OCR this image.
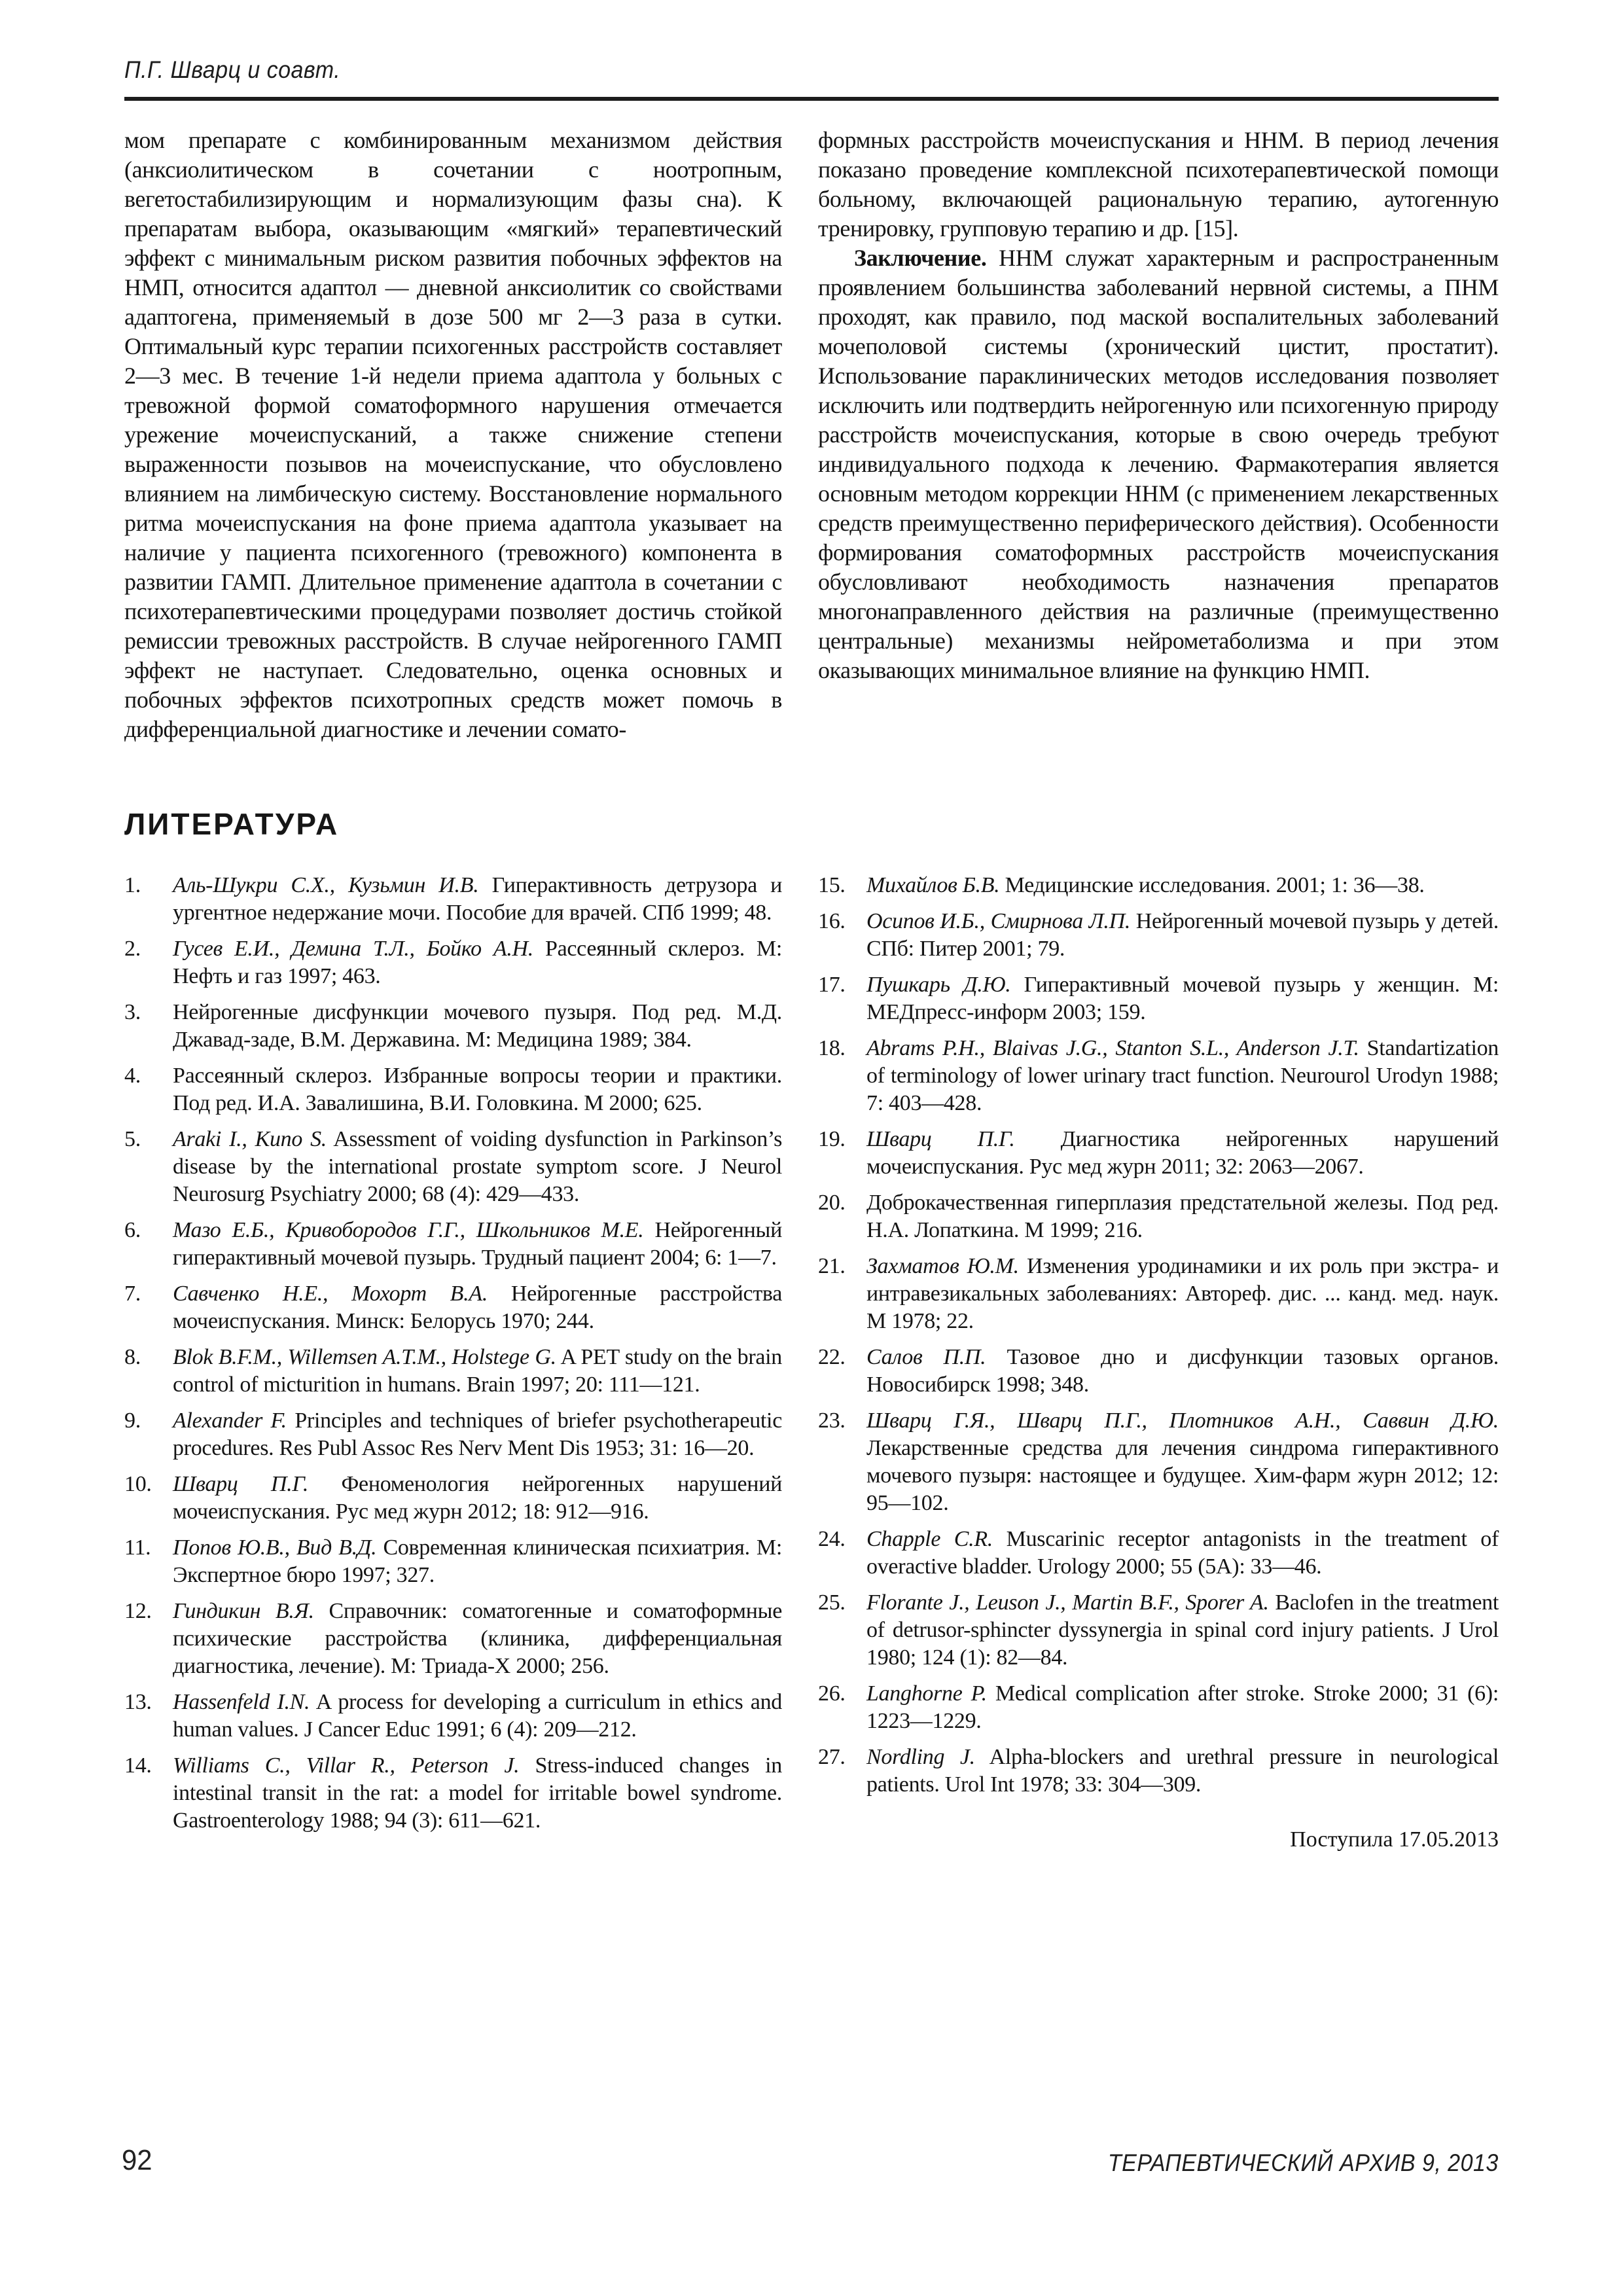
П.Г. Шварц и соавт.

мом препарате с комбинированным механизмом действия (анксиолитическом в сочетании с ноотропным, вегетостабилизирующим и нормализующим фазы сна). К препаратам выбора, оказывающим «мягкий» терапевтический эффект с минимальным риском развития побочных эффектов на НМП, относится адаптол — дневной анксиолитик со свойствами адаптогена, применяемый в дозе 500 мг 2—3 раза в сутки. Оптимальный курс терапии психогенных расстройств составляет 2—3 мес. В течение 1-й недели приема адаптола у больных с тревожной формой соматоформного нарушения отмечается урежение мочеиспусканий, а также снижение степени выраженности позывов на мочеиспускание, что обусловлено влиянием на лимбическую систему. Восстановление нормального ритма мочеиспускания на фоне приема адаптола указывает на наличие у пациента психогенного (тревожного) компонента в развитии ГАМП. Длительное применение адаптола в сочетании с психотерапевтическими процедурами позволяет достичь стойкой ремиссии тревожных расстройств. В случае нейрогенного ГАМП эффект не наступает. Следовательно, оценка основных и побочных эффектов психотропных средств может помочь в дифференциальной диагностике и лечении сомато-

формных расстройств мочеиспускания и ННМ. В период лечения показано проведение комплексной психотерапевтической помощи больному, включающей рациональную терапию, аутогенную тренировку, групповую терапию и др. [15].

Заключение. ННМ служат характерным и распространенным проявлением большинства заболеваний нервной системы, а ПНМ проходят, как правило, под маской воспалительных заболеваний мочеполовой системы (хронический цистит, простатит). Использование параклинических методов исследования позволяет исключить или подтвердить нейрогенную или психогенную природу расстройств мочеиспускания, которые в свою очередь требуют индивидуального подхода к лечению. Фармакотерапия является основным методом коррекции ННМ (с применением лекарственных средств преимущественно периферического действия). Особенности формирования соматоформных расстройств мочеиспускания обусловливают необходимость назначения препаратов многонаправленного действия на различные (преимущественно центральные) механизмы нейрометаболизма и при этом оказывающих минимальное влияние на функцию НМП.

ЛИТЕРАТУРА
1.	Аль-Шукри С.Х., Кузьмин И.В. Гиперактивность детрузора и ургентное недержание мочи. Пособие для врачей. СПб 1999; 48.
2.	Гусев Е.И., Демина Т.Л., Бойко А.Н. Рассеянный склероз. М: Нефть и газ 1997; 463.
3.	Нейрогенные дисфункции мочевого пузыря. Под ред. М.Д. Джавад-заде, В.М. Державина. М: Медицина 1989; 384.
4.	Рассеянный склероз. Избранные вопросы теории и практики. Под ред. И.А. Завалишина, В.И. Головкина. М 2000; 625.
5.	Araki I., Kuno S. Assessment of voiding dysfunction in Parkinson’s disease by the international prostate symptom score. J Neurol Neurosurg Psychiatry 2000; 68 (4): 429—433.
6.	Мазо Е.Б., Кривобородов Г.Г., Школьников М.Е. Нейрогенный гиперактивный мочевой пузырь. Трудный пациент 2004; 6: 1—7.
7.	Савченко Н.Е., Мохорт В.А. Нейрогенные расстройства мочеиспускания. Минск: Белорусь 1970; 244.
8.	Blok B.F.M., Willemsen A.T.M., Holstege G. A PET study on the brain control of micturition in humans. Brain 1997; 20: 111—121.
9.	Alexander F. Principles and techniques of briefer psychotherapeutic procedures. Res Publ Assoc Res Nerv Ment Dis 1953; 31: 16—20.
10. Шварц П.Г. Феноменология нейрогенных нарушений мочеиспускания. Рус мед журн 2012; 18: 912—916.
11. Попов Ю.В., Вид В.Д. Современная клиническая психиатрия. М: Экспертное бюро 1997; 327.
12. Гиндикин В.Я. Справочник: соматогенные и соматоформные психические расстройства (клиника, дифференциальная диагностика, лечение). М: Триада-Х 2000; 256.
13. Hassenfeld I.N. A process for developing a curriculum in ethics and human values. J Cancer Educ 1991; 6 (4): 209—212.
14. Williams C., Villar R., Peterson J. Stress-induced changes in intestinal transit in the rat: a model for irritable bowel syndrome. Gastroenterology 1988; 94 (3): 611—621.
15. Михайлов Б.В. Медицинские исследования. 2001; 1: 36—38.
16. Осипов И.Б., Смирнова Л.П. Нейрогенный мочевой пузырь у детей. СПб: Питер 2001; 79.
17. Пушкарь Д.Ю. Гиперактивный мочевой пузырь у женщин. М: МЕДпресс-информ 2003; 159.
18. Abrams P.H., Blaivas J.G., Stanton S.L., Anderson J.T. Standartization of terminology of lower urinary tract function. Neurourol Urodyn 1988; 7: 403—428.
19. Шварц П.Г. Диагностика нейрогенных нарушений мочеиспускания. Рус мед журн 2011; 32: 2063—2067.
20. Доброкачественная гиперплазия предстательной железы. Под ред. Н.А. Лопаткина. М 1999; 216.
21. Захматов Ю.М. Изменения уродинамики и их роль при экстра- и интравезикальных заболеваниях: Автореф. дис. ... канд. мед. наук. М 1978; 22.
22. Салов П.П. Тазовое дно и дисфункции тазовых органов. Новосибирск 1998; 348.
23. Шварц Г.Я., Шварц П.Г., Плотников А.Н., Саввин Д.Ю. Лекарственные средства для лечения синдрома гиперактивного мочевого пузыря: настоящее и будущее. Хим-фарм журн 2012; 12: 95—102.
24. Chapple C.R. Muscarinic receptor antagonists in the treatment of overactive bladder. Urology 2000; 55 (5A): 33—46.
25. Florante J., Leuson J., Martin B.F., Sporer A. Baclofen in the treatment of detrusor-sphincter dyssynergia in spinal cord injury patients. J Urol 1980; 124 (1): 82—84.
26. Langhorne P. Medical complication after stroke. Stroke 2000; 31 (6): 1223—1229.
27. Nordling J. Alpha-blockers and urethral pressure in neurological patients. Urol Int 1978; 33: 304—309.
Поступила 17.05.2013
92	ТЕРАПЕВТИЧЕСКИЙ АРХИВ 9, 2013
